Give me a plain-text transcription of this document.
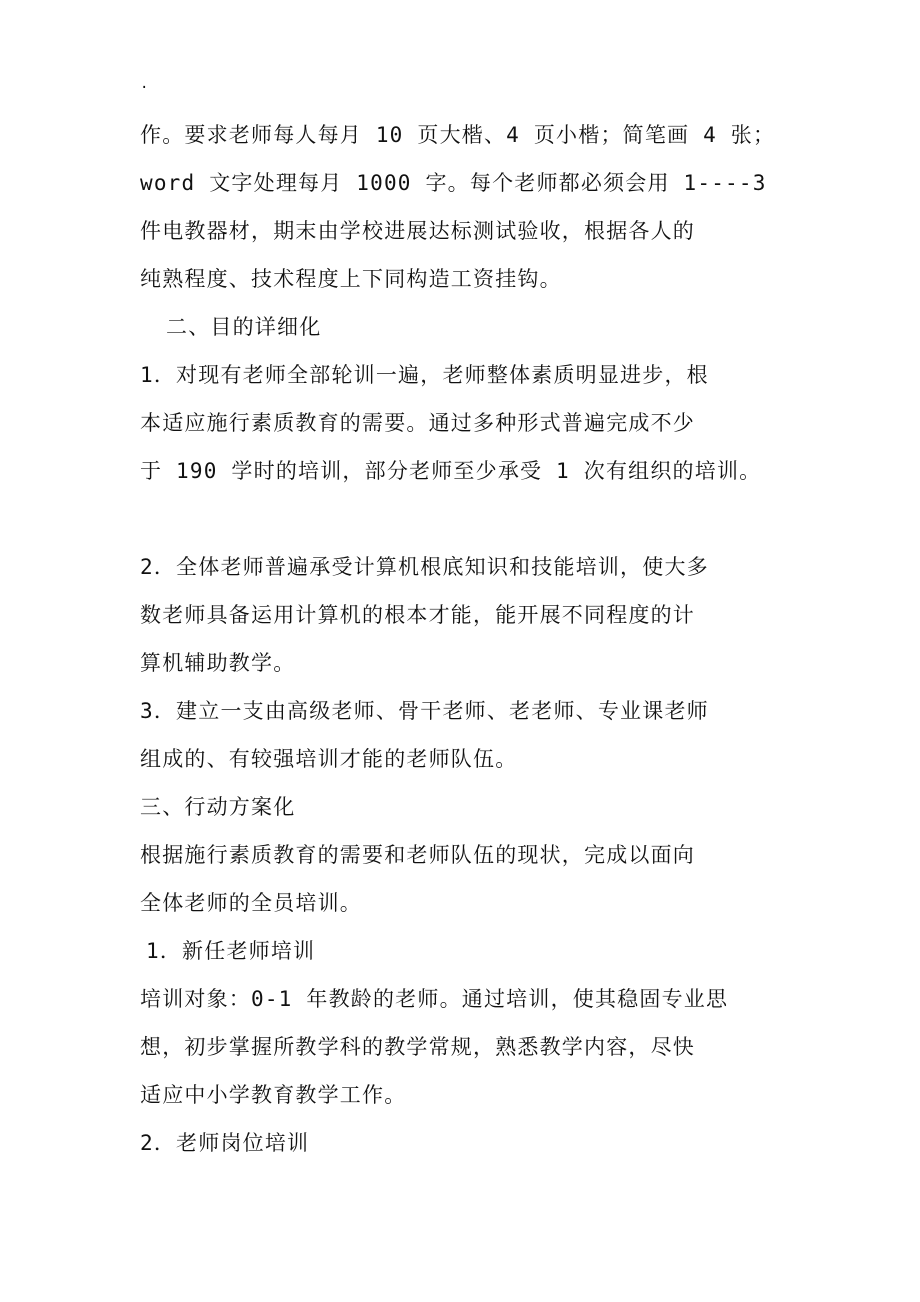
.
作。要求老师每人每月 10 页大楷、4 页小楷；简笔画 4 张；
word 文字处理每月 1000 字。每个老师都必须会用 1----3
件电教器材，期末由学校进展达标测试验收，根据各人的
纯熟程度、技术程度上下同构造工资挂钩。
二、目的详细化
1．对现有老师全部轮训一遍，老师整体素质明显进步，根
本适应施行素质教育的需要。通过多种形式普遍完成不少
于 190 学时的培训，部分老师至少承受 1 次有组织的培训。
2．全体老师普遍承受计算机根底知识和技能培训，使大多
数老师具备运用计算机的根本才能，能开展不同程度的计
算机辅助教学。
3．建立一支由高级老师、骨干老师、老老师、专业课老师
组成的、有较强培训才能的老师队伍。
三、行动方案化
根据施行素质教育的需要和老师队伍的现状，完成以面向
全体老师的全员培训。
1．新任老师培训
培训对象：0-1 年教龄的老师。通过培训，使其稳固专业思
想，初步掌握所教学科的教学常规，熟悉教学内容，尽快
适应中小学教育教学工作。
2．老师岗位培训
